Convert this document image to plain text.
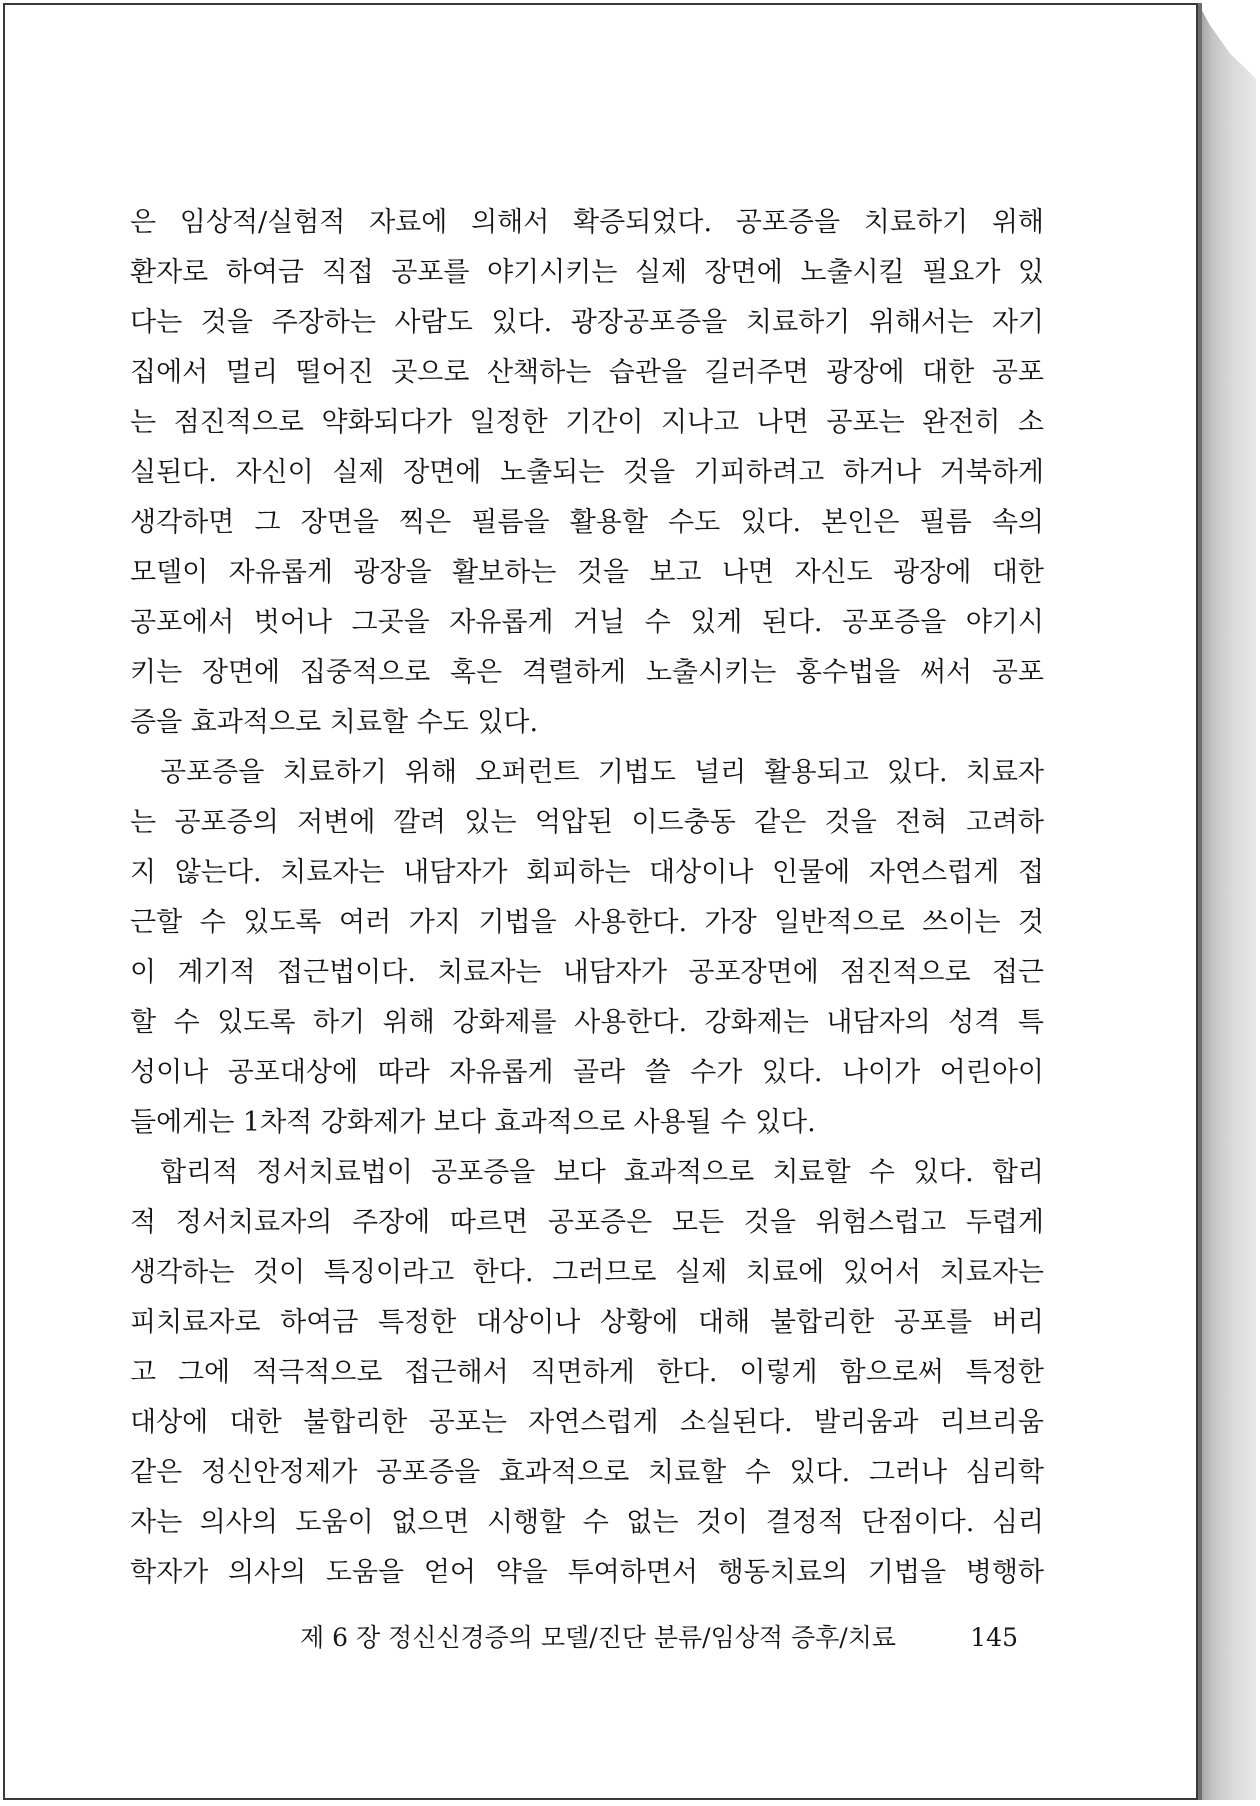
은 임상적/실험적 자료에 의해서 확증되었다. 공포증을 치료하기 위해
환자로 하여금 직접 공포를 야기시키는 실제 장면에 노출시킬 필요가 있
다는 것을 주장하는 사람도 있다. 광장공포증을 치료하기 위해서는 자기
집에서 멀리 떨어진 곳으로 산책하는 습관을 길러주면 광장에 대한 공포
는 점진적으로 약화되다가 일정한 기간이 지나고 나면 공포는 완전히 소
실된다. 자신이 실제 장면에 노출되는 것을 기피하려고 하거나 거북하게
생각하면 그 장면을 찍은 필름을 활용할 수도 있다. 본인은 필름 속의
모델이 자유롭게 광장을 활보하는 것을 보고 나면 자신도 광장에 대한
공포에서 벗어나 그곳을 자유롭게 거닐 수 있게 된다. 공포증을 야기시
키는 장면에 집중적으로 혹은 격렬하게 노출시키는 홍수법을 써서 공포
증을 효과적으로 치료할 수도 있다.
공포증을 치료하기 위해 오퍼런트 기법도 널리 활용되고 있다. 치료자
는 공포증의 저변에 깔려 있는 억압된 이드충동 같은 것을 전혀 고려하
지 않는다. 치료자는 내담자가 회피하는 대상이나 인물에 자연스럽게 접
근할 수 있도록 여러 가지 기법을 사용한다. 가장 일반적으로 쓰이는 것
이 계기적 접근법이다. 치료자는 내담자가 공포장면에 점진적으로 접근
할 수 있도록 하기 위해 강화제를 사용한다. 강화제는 내담자의 성격 특
성이나 공포대상에 따라 자유롭게 골라 쓸 수가 있다. 나이가 어린아이
들에게는 1차적 강화제가 보다 효과적으로 사용될 수 있다.
합리적 정서치료법이 공포증을 보다 효과적으로 치료할 수 있다. 합리
적 정서치료자의 주장에 따르면 공포증은 모든 것을 위험스럽고 두렵게
생각하는 것이 특징이라고 한다. 그러므로 실제 치료에 있어서 치료자는
피치료자로 하여금 특정한 대상이나 상황에 대해 불합리한 공포를 버리
고 그에 적극적으로 접근해서 직면하게 한다. 이렇게 함으로써 특정한
대상에 대한 불합리한 공포는 자연스럽게 소실된다. 발리움과 리브리움
같은 정신안정제가 공포증을 효과적으로 치료할 수 있다. 그러나 심리학
자는 의사의 도움이 없으면 시행할 수 없는 것이 결정적 단점이다. 심리
학자가 의사의 도움을 얻어 약을 투여하면서 행동치료의 기법을 병행하
제 6 장 정신신경증의 모델/진단 분류/임상적 증후/치료	145
